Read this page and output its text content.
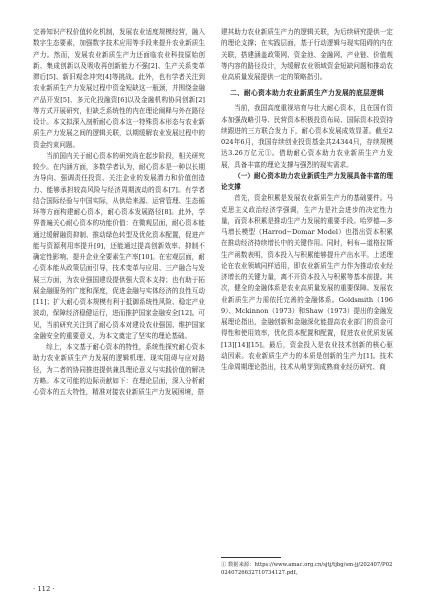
完善知识产权价值转化机制，发展农业适度规模经营，融入数字生态要素，加强数字技术应用等手段来提升农业新质生产力。然而，发展农业新质生产力还面临农业科技原始创新、集成创新以及吸收再创新能力不强[2]、生产关系变革滞后[5]、新旧观念冲突[4]等挑战。此外，也有学者关注到农业新质生产力发展过程中资金短缺这一瓶颈，并围绕金融产品开发[5]、多元化投融资[6]以及金融机构协同创新[2]等方式开展研究，但缺乏系统性的内在理论阐释与外在路径设计。本文拟深入剖析耐心资本这一特殊资本形态与农业新质生产力发展之间的逻辑关联，以期缓解农业发展过程中的资金约束问题。

当前国内关于耐心资本的研究尚在起步阶段，相关研究较少。在内涵方面，多数学者认为，耐心资本是一种以长期为导向、强调责任投资、关注企业的发展潜力和价值创造力、能够承担较高风险与经济周期波动的资本[7]。有学者结合国际经验与中国实际，从供给来源、运营管理、生态循环等方面构建耐心资本，耐心资本发展路径[8]。此外，学界普遍关心耐心资本的功能价值：在微观层面，耐心资本能通过缓解融资抑制、推动绿色转型及优化资本配置，促进产能与资源利用率提升[9]，还能通过提高创新效率、抑制不确定性影响、提升企业全要素生产率[10]。在宏观层面，耐心资本能从政策层面引导，技术变革与应用、三产融合与发展三方面，为农业强国建设提供强大资本支持；也有助于拓展金融服务的广度和深度，促进金融与实体经济的良性互动[11]；扩大耐心资本规模有利于抵御系统性风险、稳定产业波动，保障经济稳健运行，进而推护国家金融安全[12]。可见，当前研究关注到了耐心资本对建设农业强国、维护国家金融安全的重要意义，为本文奠定了坚实的理论基础。

综上，本文基于耐心资本的特性，系统性探究耐心资本助力农业新质生产力发展的逻辑机理、现实阻碍与应对路径，为二者的协同推进提供兼具理论意义与实践价值的解决方略。本文可能的边际贡献如下：在理论层面，深入分析耐心资本的五大特性，精准对接农业新质生产力发展困境，搭

建其助力农业新质生产力的逻辑关联，为后续研究提供一定的理论支撑；在实践层面，基于行动逻辑与现实阻碍的内在关联，搭建涵盖政策网、资金池、金融网、产业链、价值观等内容的路径设计，为缓解农业领域资金短缺问题和推动农业高质量发展提供一定的策略指引。

二、耐心资本助力农业新质生产力发展的底层逻辑

当前，我国高度重视培育与壮大耐心资本，且在国有资本加强战略引导、民营资本积极投资布局、国际资本投资持续跟进的三方联合发力下，耐心资本发展成效显著。截至2024年6月，我国存续创业投资基金共24344只，存续规模达3.26万亿元①。借助耐心资本助力农业新质生产力发展，具备丰富的理论支撑与强烈的现实需求。

（一）耐心资本助力农业新质生产力发展具备丰富的理论支撑

首先，资金积累是发展农业新质生产力的基础要件。马克思主义政治经济学强调，生产力是社会进步的决定性力量，而资本积累是推动生产力发展的重要手段。哈罗德—多马增长模型（Harrod−Domar Model）也指出资本积累在推动经济持续增长中的关键作用。同时，柯布—道格拉斯生产函数表明，资本投入与积累能够提升产出水平。上述理论在农业领域同样适用，即农业新质生产力作为推动农业经济增长的关键力量，离不开资本投入与积累等基本前提。其次，健全的金融体系是农业高质量发展的重要保障。发展农业新质生产力需依托完善的金融体系。Goldsmith（1969）、Mckinnon（1973）和Shaw（1973）提出的金融发展理论指出，金融创新和金融深化能提高农业部门的资金可得性和使用效率，优化资本配置和配置，促进农业优质发展[13][14][15]。最后，资金投入是农业技术创新的核心驱动因素。农业新质生产力的本质是创新的生产力[1]。技术生命周期理论指出，技术从萌芽到成熟商业经历研究、商

① 数据来源：https://www.amac.org.cn/sjtj/tjbg/sm-jj/202407/P020240726632710734127.pdf。
· 112 ·
